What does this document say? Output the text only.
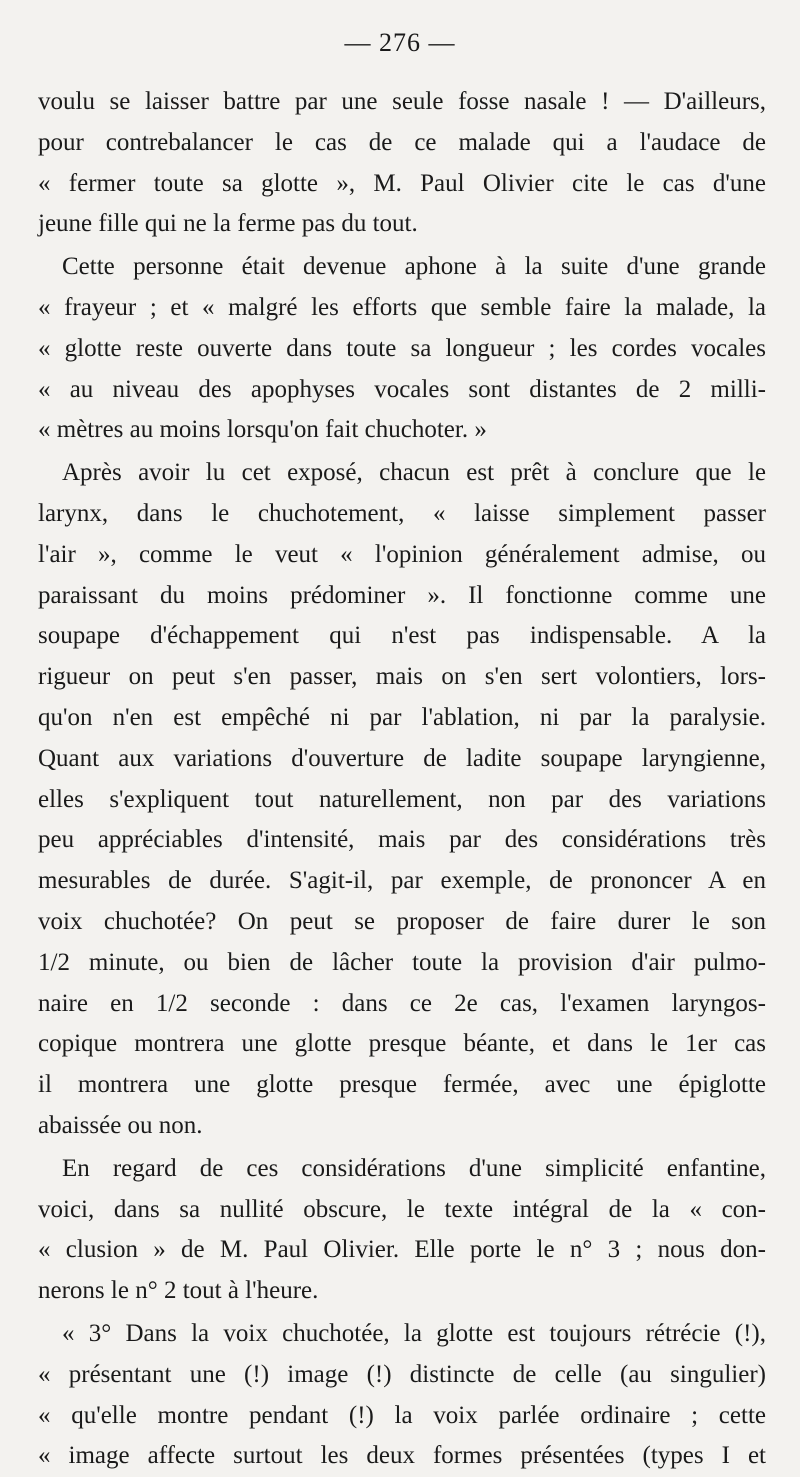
— 276 —
voulu se laisser battre par une seule fosse nasale ! — D'ailleurs,
pour contrebalancer le cas de ce malade qui a l'audace de
« fermer toute sa glotte », M. Paul Olivier cite le cas d'une
jeune fille qui ne la ferme pas du tout.
Cette personne était devenue aphone à la suite d'une grande
« frayeur ; et « malgré les efforts que semble faire la malade, la
« glotte reste ouverte dans toute sa longueur ; les cordes vocales
« au niveau des apophyses vocales sont distantes de 2 milli-
« mètres au moins lorsqu'on fait chuchoter. »
Après avoir lu cet exposé, chacun est prêt à conclure que le
larynx, dans le chuchotement, « laisse simplement passer
l'air », comme le veut « l'opinion généralement admise, ou
paraissant du moins prédominer ». Il fonctionne comme une
soupape d'échappement qui n'est pas indispensable. A la
rigueur on peut s'en passer, mais on s'en sert volontiers, lors-
qu'on n'en est empêché ni par l'ablation, ni par la paralysie.
Quant aux variations d'ouverture de ladite soupape laryngienne,
elles s'expliquent tout naturellement, non par des variations
peu appréciables d'intensité, mais par des considérations très
mesurables de durée. S'agit-il, par exemple, de prononcer A en
voix chuchotée? On peut se proposer de faire durer le son
1/2 minute, ou bien de lâcher toute la provision d'air pulmo-
naire en 1/2 seconde : dans ce 2e cas, l'examen laryngos-
copique montrera une glotte presque béante, et dans le 1er cas
il montrera une glotte presque fermée, avec une épiglotte
abaissée ou non.
En regard de ces considérations d'une simplicité enfantine,
voici, dans sa nullité obscure, le texte intégral de la « con-
« clusion » de M. Paul Olivier. Elle porte le n° 3 ; nous don-
nerons le n° 2 tout à l'heure.
« 3° Dans la voix chuchotée, la glotte est toujours rétrécie (!),
« présentant une (!) image (!) distincte de celle (au singulier)
« qu'elle montre pendant (!) la voix parlée ordinaire ; cette
« image affecte surtout les deux formes présentées (types I et
